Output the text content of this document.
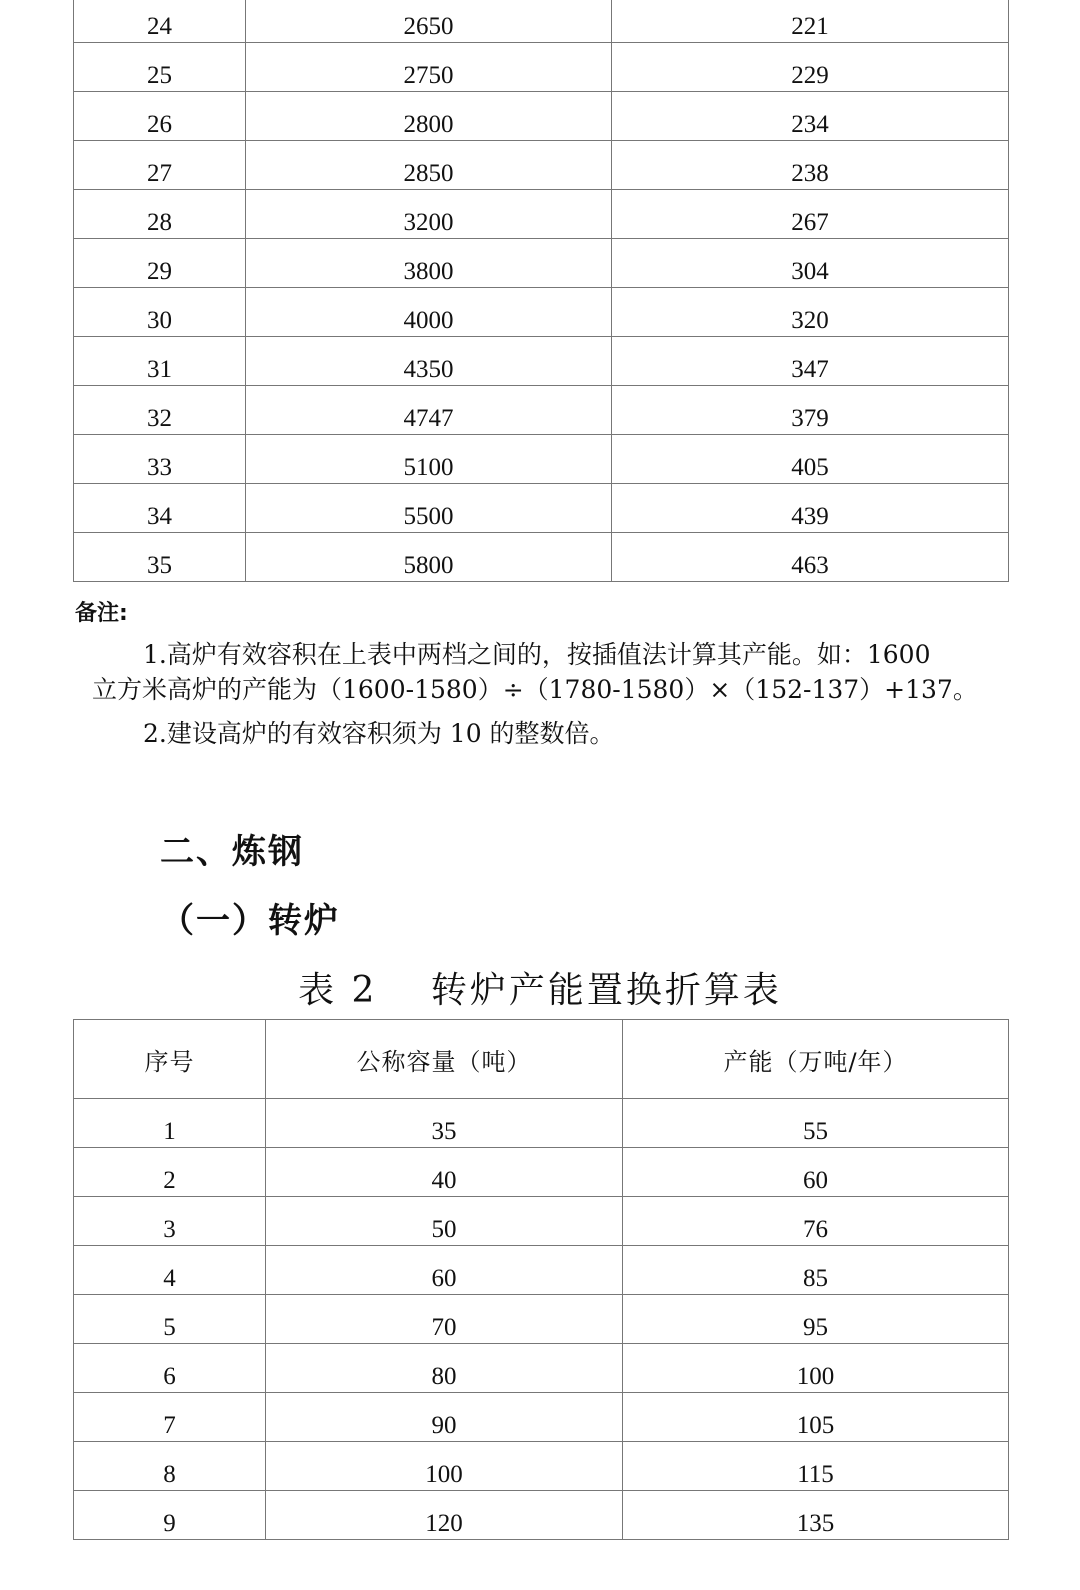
24	2650	221
25	2750	229
26	2800	234
27	2850	238
28	3200	267
29	3800	304
30	4000	320
31	4350	347
32	4747	379
33	5100	405
34	5500	439
35	5800	463
备注:
1.高炉有效容积在上表中两档之间的，按插值法计算其产能。如：1600
立方米高炉的产能为（1600-1580）÷（1780-1580）×（152-137）+137。
2.建设高炉的有效容积须为 10 的整数倍。
二、炼钢
（一）转炉
表 2　 转炉产能置换折算表
序号	公称容量（吨）	产能（万吨/年）
1	35	55
2	40	60
3	50	76
4	60	85
5	70	95
6	80	100
7	90	105
8	100	115
9	120	135
